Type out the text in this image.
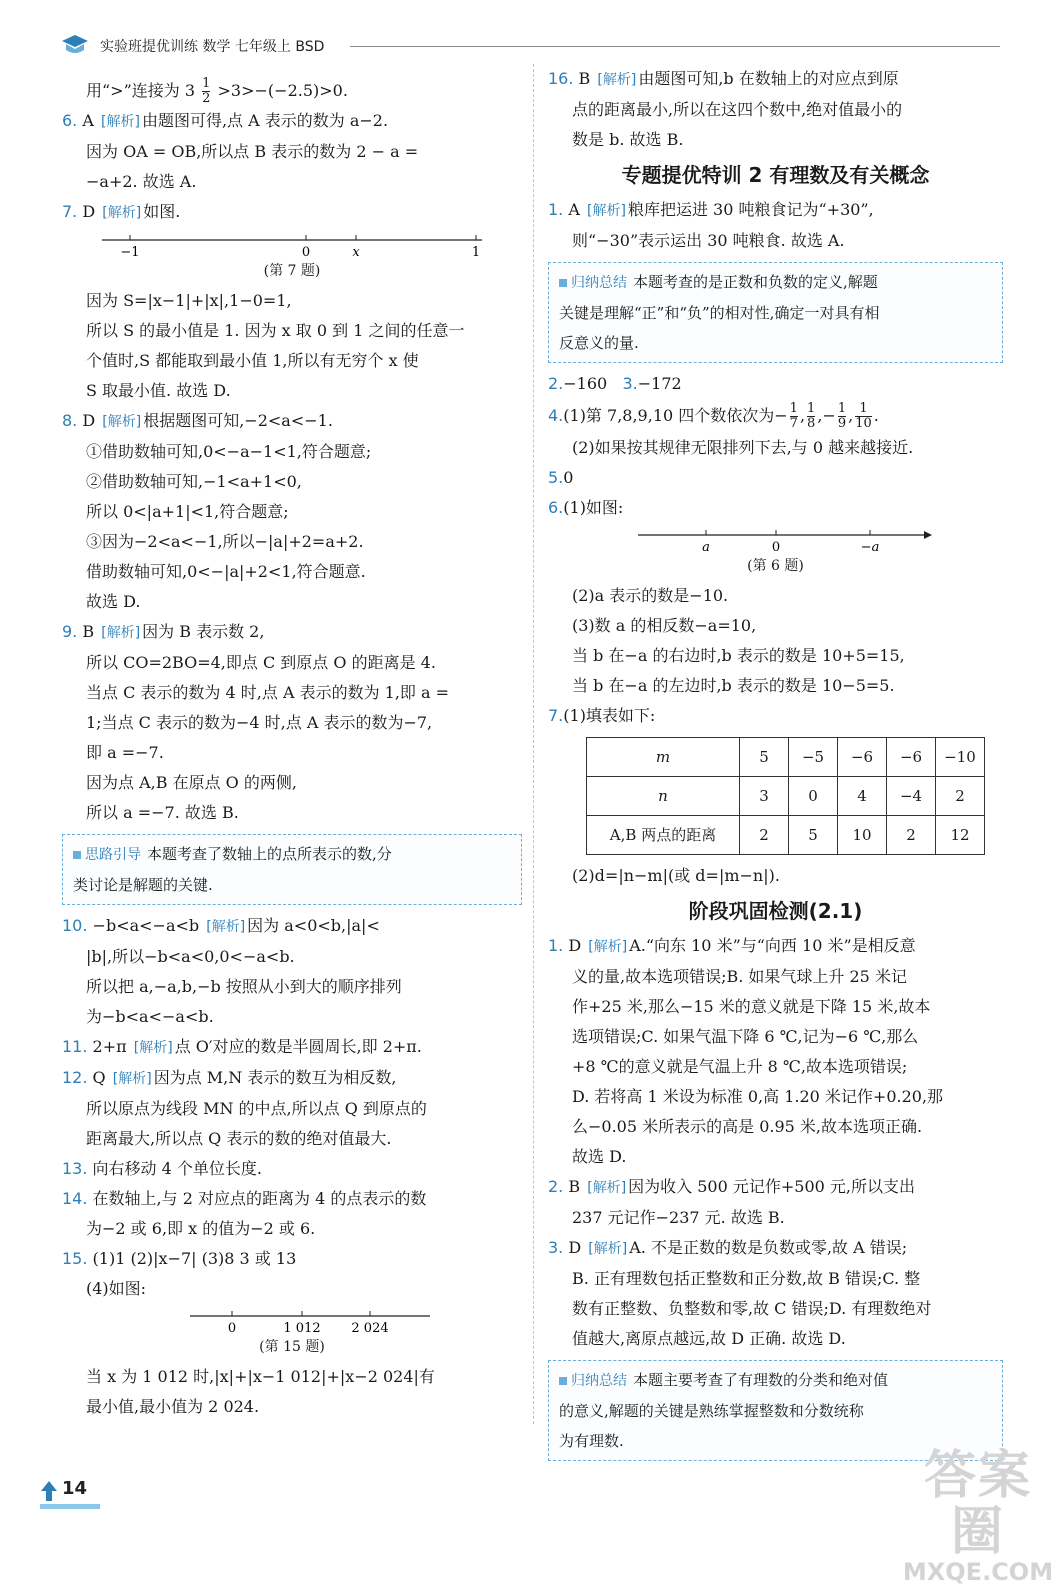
实验班提优训练 数学 七年级上 BSD

用“>”连接为 $3 \frac{1}{2} >3>-(-2.5)>0$.

6. A [解析] 由题图可得,点 A 表示的数为 a−2.

因为 OA = OB,所以点 B 表示的数为 2 − a =

−a+2. 故选 A.

7. D [解析] 如图.

−1	0	x	1
(第 7 题)

因为 S=|x−1|+|x|,1−0=1,

所以 S 的最小值是 1. 因为 x 取 0 到 1 之间的任意一

个值时,S 都能取到最小值 1,所以有无穷个 x 使

S 取最小值. 故选 D.

8. D [解析] 根据题图可知,−2<a<−1.

①借助数轴可知,0<−a−1<1,符合题意;

②借助数轴可知,−1<a+1<0,

所以 0<|a+1|<1,符合题意;

③因为−2<a<−1,所以−|a|+2=a+2.

借助数轴可知,0<−|a|+2<1,符合题意.

故选 D.

9. B [解析] 因为 B 表示数 2,

所以 CO=2BO=4,即点 C 到原点 O 的距离是 4.

当点 C 表示的数为 4 时,点 A 表示的数为 1,即 a =

1;当点 C 表示的数为−4 时,点 A 表示的数为−7,

即 a =−7.

因为点 A,B 在原点 O 的两侧,

所以 a =−7. 故选 B.

思路引导 本题考查了数轴上的点所表示的数,分
类讨论是解题的关键.

10. −b<a<−a<b [解析] 因为 a<0<b,|a|<

|b|,所以−b<a<0,0<−a<b.

所以把 a,−a,b,−b 按照从小到大的顺序排列

为−b<a<−a<b.

11. 2+π [解析] 点 O′对应的数是半圆周长,即 2+π.

12. Q [解析] 因为点 M,N 表示的数互为相反数,

所以原点为线段 MN 的中点,所以点 Q 到原点的

距离最大,所以点 Q 表示的数的绝对值最大.

13. 向右移动 4 个单位长度.

14. 在数轴上,与 2 对应点的距离为 4 的点表示的数

为−2 或 6,即 x 的值为−2 或 6.

15. (1)1 (2)|x−7| (3)8 3 或 13

(4)如图:

0	1 012 2 024
(第 15 题)

当 x 为 1 012 时,|x|+|x−1 012|+|x−2 024|有

最小值,最小值为 2 024.

16. B [解析] 由题图可知,b 在数轴上的对应点到原

点的距离最小,所以在这四个数中,绝对值最小的

数是 b. 故选 B.

专题提优特训 2 有理数及有关概念

1. A [解析] 粮库把运进 30 吨粮食记为“+30”,

则“−30”表示运出 30 吨粮食. 故选 A.

归纳总结 本题考查的是正数和负数的定义,解题
关键是理解“正”和“负”的相对性,确定一对具有相
反意义的量.

2.−160 3.−172

4.(1)第 7,8,9,10 四个数依次为− $\frac{1}{7}$ , $\frac{1}{8}$ ,− $\frac{1}{9}$ , $\frac{1}{10}$ .

(2)如果按其规律无限排列下去,与 0 越来越接近.

5.0

6.(1)如图:

a	0	−a
(第 6 题)

(2)a 表示的数是−10.

(3)数 a 的相反数−a=10,

当 b 在−a 的右边时,b 表示的数是 10+5=15,

当 b 在−a 的左边时,b 表示的数是 10−5=5.

7.(1)填表如下:

m	5	−5	−6	−6	−10
n	3	0	4	−4	2
A,B 两点的距离	2	5	10	2	12

(2)d=|n−m|(或 d=|m−n|).

阶段巩固检测(2.1)

1. D [解析] A.“向东 10 米”与“向西 10 米”是相反意

义的量,故本选项错误;B. 如果气球上升 25 米记

作+25 米,那么−15 米的意义就是下降 15 米,故本

选项错误;C. 如果气温下降 6 ℃,记为−6 ℃,那么

+8 ℃的意义就是气温上升 8 ℃,故本选项错误;

D. 若将高 1 米设为标准 0,高 1.20 米记作+0.20,那

么−0.05 米所表示的高是 0.95 米,故本选项正确.

故选 D.

2. B [解析] 因为收入 500 元记作+500 元,所以支出

237 元记作−237 元. 故选 B.

3. D [解析] A. 不是正数的数是负数或零,故 A 错误;

B. 正有理数包括正整数和正分数,故 B 错误;C. 整

数有正整数、负整数和零,故 C 错误;D. 有理数绝对

值越大,离原点越远,故 D 正确. 故选 D.

归纳总结 本题主要考查了有理数的分类和绝对值
的意义,解题的关键是熟练掌握整数和分数统称
为有理数.
14	答案圈
MXQE.COM
